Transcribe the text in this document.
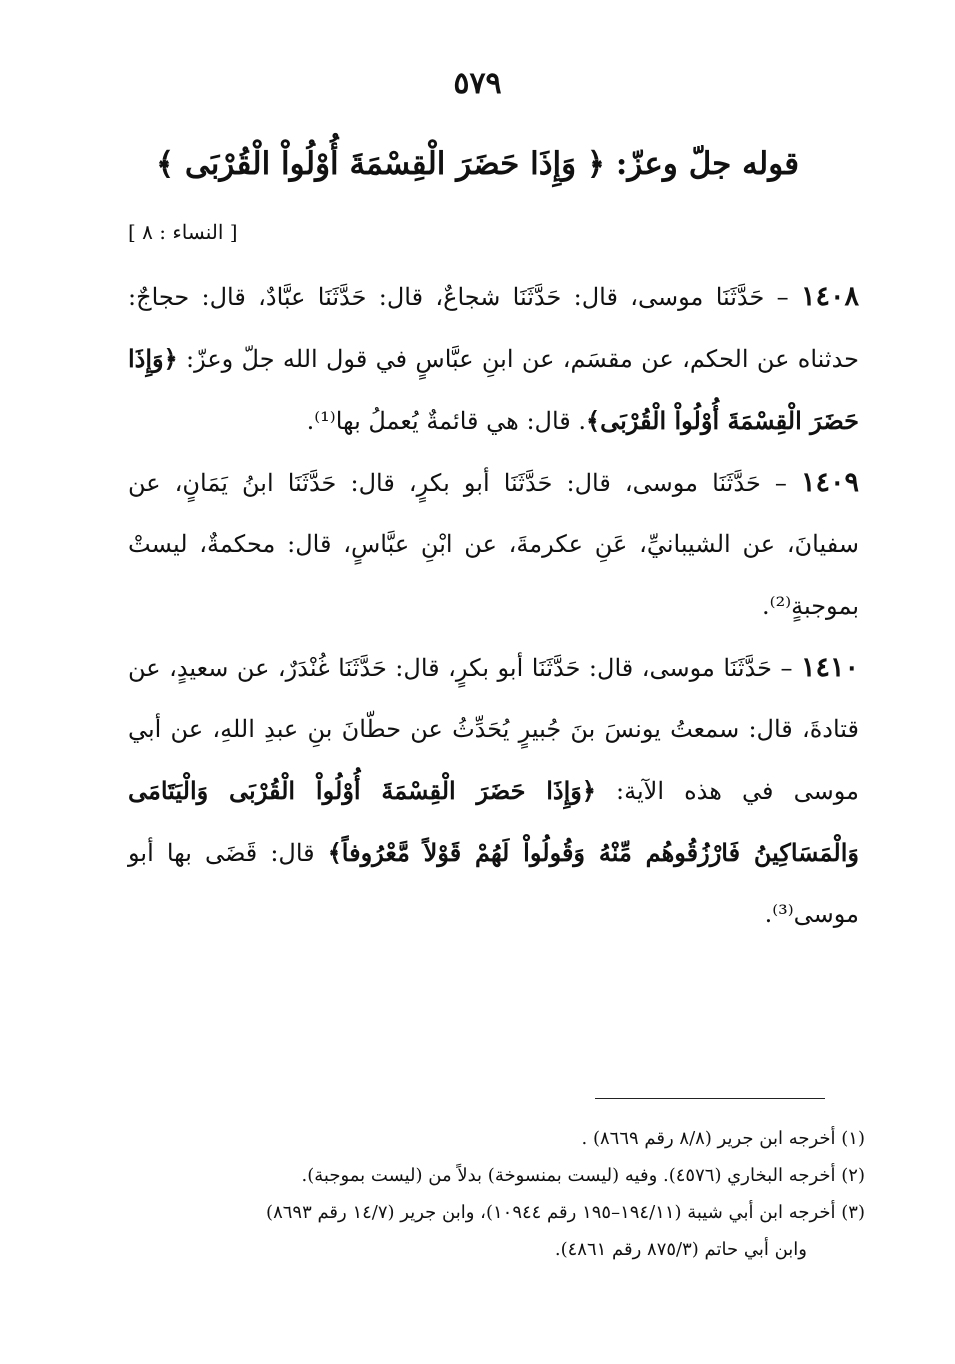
٥٧٩
قوله جلّ وعزّ: ﴿ وَإِذَا حَضَرَ الْقِسْمَةَ أُوْلُواْ الْقُرْبَى ﴾
[ النساء : ٨ ]

١٤٠٨ – حَدَّثَنَا موسى، قال: حَدَّثَنَا شجاعٌ، قال: حَدَّثَنَا عبَّادٌ، قال: حجاجٌ: حدثناه عن الحكم، عن مقسَم، عن ابنِ عبَّاسٍ في قول الله جلّ وعزّ: ﴿وَإِذَا حَضَرَ الْقِسْمَةَ أُوْلُواْ الْقُرْبَى﴾. قال: هي قائمةٌ يُعملُ بها⁽¹⁾.

١٤٠٩ – حَدَّثَنَا موسى، قال: حَدَّثَنَا أبو بكرٍ، قال: حَدَّثَنَا ابنُ يَمَانٍ، عن سفيانَ، عن الشيبانيِّ، عَنِ عكرمةَ، عن ابْنِ عبَّاسٍ، قال: محكمةٌ، ليستْ بموجبةٍ⁽²⁾.

١٤١٠ – حَدَّثَنَا موسى، قال: حَدَّثَنَا أبو بكرٍ، قال: حَدَّثَنَا غُنْدَرٌ، عن سعيدٍ، عن قتادةَ، قال: سمعتُ يونسَ بنَ جُبيرٍ يُحَدِّثُ عن حطّانَ بنِ عبدِ اللهِ، عن أبي موسى في هذه الآية: ﴿وَإِذَا حَضَرَ الْقِسْمَةَ أُوْلُواْ الْقُرْبَى وَالْيَتَامَى وَالْمَسَاكِينُ فَارْزُقُوهُم مِّنْهُ وَقُولُواْ لَهُمْ قَوْلاً مَّعْرُوفاً﴾ قال: قَضَى بها أبو موسى⁽³⁾.

(١) أخرجه ابن جرير (٨/٨ رقم ٨٦٦٩) .

(٢) أخرجه البخاري (٤٥٧٦). وفيه (ليست بمنسوخة) بدلاً من (ليست بموجبة).

(٣) أخرجه ابن أبي شيبة (١٩٤/١١–١٩٥ رقم ١٠٩٤٤)، وابن جرير (١٤/٧ رقم ٨٦٩٣)

وابن أبي حاتم (٨٧٥/٣ رقم ٤٨٦١).
